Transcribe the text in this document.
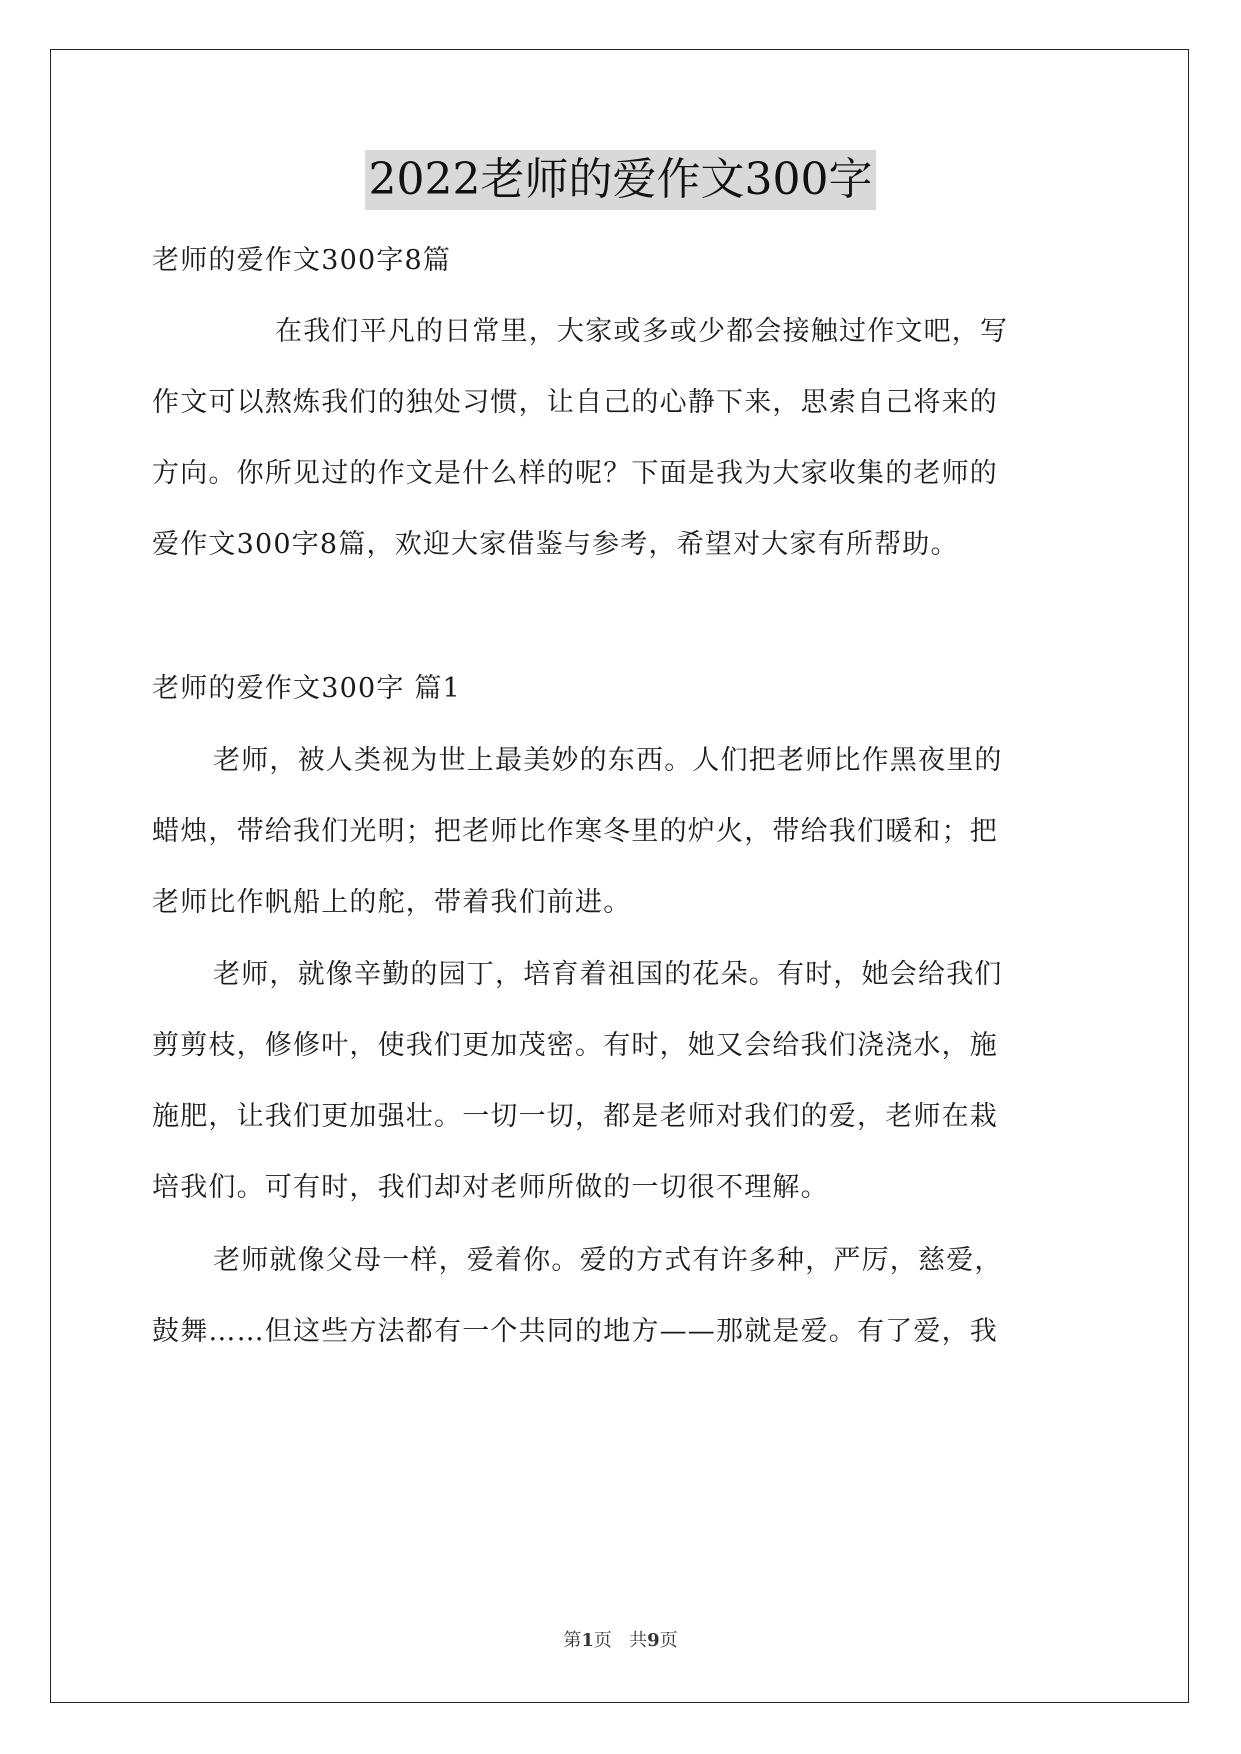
2022老师的爱作文300字
老师的爱作文300字8篇
在我们平凡的日常里，大家或多或少都会接触过作文吧，写
作文可以熬炼我们的独处习惯，让自己的心静下来，思索自己将来的
方向。你所见过的作文是什么样的呢？下面是我为大家收集的老师的
爱作文300字8篇，欢迎大家借鉴与参考，希望对大家有所帮助。
老师的爱作文300字 篇1
老师，被人类视为世上最美妙的东西。人们把老师比作黑夜里的
蜡烛，带给我们光明；把老师比作寒冬里的炉火，带给我们暖和；把
老师比作帆船上的舵，带着我们前进。
老师，就像辛勤的园丁，培育着祖国的花朵。有时，她会给我们
剪剪枝，修修叶，使我们更加茂密。有时，她又会给我们浇浇水，施
施肥，让我们更加强壮。一切一切，都是老师对我们的爱，老师在栽
培我们。可有时，我们却对老师所做的一切很不理解。
老师就像父母一样，爱着你。爱的方式有许多种，严厉，慈爱，
鼓舞……但这些方法都有一个共同的地方——那就是爱。有了爱，我
第1页   共9页
